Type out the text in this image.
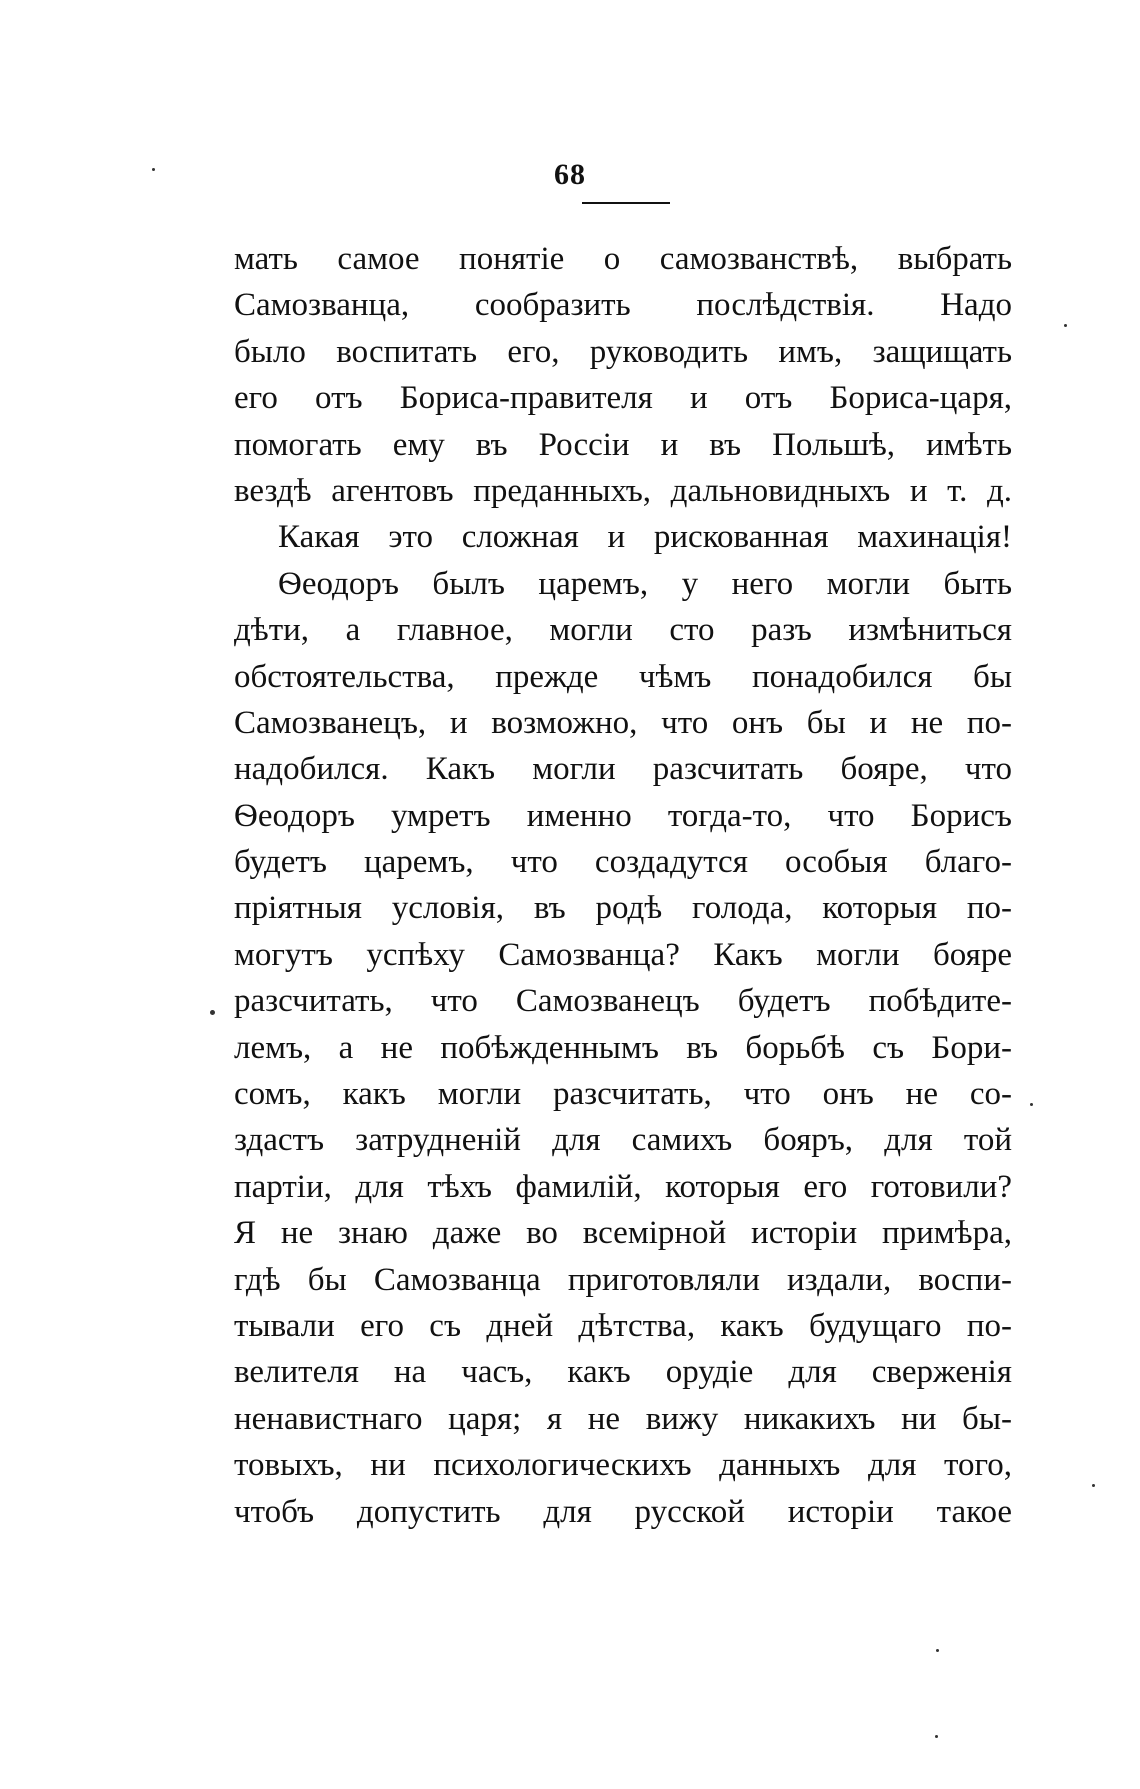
68
мать самое понятіе о самозванствѣ, выбрать
Самозванца, сообразить послѣдствія. Надо
было воспитать его, руководить имъ, защищать
его отъ Бориса-правителя и отъ Бориса-царя,
помогать ему въ Россіи и въ Польшѣ, имѣть
вездѣ агентовъ преданныхъ, дальновидныхъ и т. д.
Какая это сложная и рискованная махинація!
Ѳеодоръ былъ царемъ, у него могли быть
дѣти, а главное, могли сто разъ измѣниться
обстоятельства, прежде чѣмъ понадобился бы
Самозванецъ, и возможно, что онъ бы и не по-
надобился. Какъ могли разсчитать бояре, что
Ѳеодоръ умретъ именно тогда-то, что Борисъ
будетъ царемъ, что создадутся особыя благо-
пріятныя условія, въ родѣ голода, которыя по-
могутъ успѣху Самозванца? Какъ могли бояре
разсчитать, что Самозванецъ будетъ побѣдите-
лемъ, а не побѣжденнымъ въ борьбѣ съ Бори-
сомъ, какъ могли разсчитать, что онъ не со-
здастъ затрудненій для самихъ бояръ, для той
партіи, для тѣхъ фамилій, которыя его готовили?
Я не знаю даже во всемірной исторіи примѣра,
гдѣ бы Самозванца приготовляли издали, воспи-
тывали его съ дней дѣтства, какъ будущаго по-
велителя на часъ, какъ орудіе для сверженія
ненавистнаго царя; я не вижу никакихъ ни бы-
товыхъ, ни психологическихъ данныхъ для того,
чтобъ допустить для русской исторіи такое
